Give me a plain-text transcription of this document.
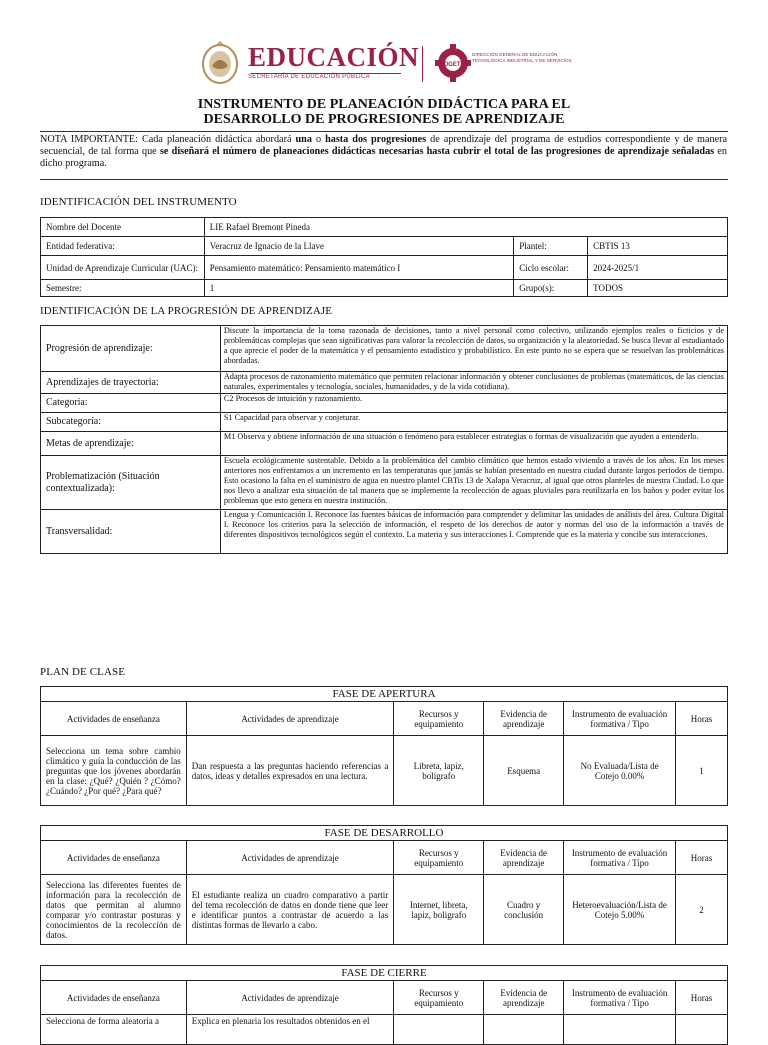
EDUCACIÓN
SECRETARÍA DE EDUCACIÓN PÚBLICA
DGETI
DIRECCIÓN GENERAL DE EDUCACIÓN TECNOLÓGICA INDUSTRIAL Y DE SERVICIOS
INSTRUMENTO DE PLANEACIÓN DIDÁCTICA PARA EL
DESARROLLO DE PROGRESIONES DE APRENDIZAJE
NOTA IMPORTANTE: Cada planeación didáctica abordará una o hasta dos progresiones de aprendizaje del programa de estudios correspondiente y de manera secuencial, de tal forma que se diseñará el número de planeaciones didácticas necesarias hasta cubrir el total de las progresiones de aprendizaje señaladas en dicho programa.
IDENTIFICACIÓN DEL INSTRUMENTO
Nombre del Docente	LIE Rafael Bremont Pineda		
Entidad federativa:	Veracruz de Ignacio de la Llave	Plantel:	CBTIS 13
Unidad de Aprendizaje Curricular (UAC):	Pensamiento matemático: Pensamiento matemático I	Ciclo escolar:	2024-2025/1
Semestre:	1	Grupo(s):	TODOS
IDENTIFICACIÓN DE LA PROGRESIÓN DE APRENDIZAJE
Progresión de aprendizaje:	Discute la importancia de la toma razonada de decisiones, tanto a nivel personal como colectivo, utilizando ejemplos reales o ficticios y de problemáticas complejas que sean significativas para valorar la recolección de datos, su organización y la aleatoriedad. Se busca llevar al estudiantado a que aprecie el poder de la matemática y el pensamiento estadístico y probabilístico. En este punto no se espera que se resuelvan las problemáticas abordadas.
Aprendizajes de trayectoria:	Adapta procesos de razonamiento matemático que permiten relacionar información y obtener conclusiones de problemas (matemáticos, de las ciencias naturales, experimentales y tecnología, sociales, humanidades, y de la vida cotidiana).
Categoría:	C2 Procesos de intuición y razonamiento.
Subcategoría:	S1 Capacidad para observar y conjeturar.
Metas de aprendizaje:	M1 Observa y obtiene información de una situación o fenómeno para establecer estrategias o formas de visualización que ayuden a entenderlo.
Problematización (Situación contextualizada):	Escuela ecológicamente sustentable. Debido a la problemática del cambio climático que hemos estado viviendo a través de los años. En los meses anteriores nos enfrentamos a un incremento en las temperaturas que jamás se habían presentado en nuestra ciudad durante largos periodos de tiempo. Esto ocasiono la falta en el suministro de agua en nuestro plantel CBTis 13 de Xalapa Veracruz, al igual que otros planteles de nuestra Ciudad. Lo que nos llevo a analizar esta situación de tal manera que se implemente la recolección de aguas pluviales para reutilizarla en los baños y poder evitar los problemas que esto genera en nuestra institución.
Transversalidad:	Lengua y Comunicación I. Reconoce las fuentes básicas de información para comprender y delimitar las unidades de análisis del área. Cultura Digital I. Reconoce los criterios para la selección de información, el respeto de los derechos de autor y normas del uso de la información a través de diferentes dispositivos tecnológicos según el contexto. La materia y sus interacciones I. Comprende que es la materia y concibe sus interacciones.
PLAN DE CLASE
FASE DE APERTURA					
Actividades de enseñanza	Actividades de aprendizaje	Recursos y equipamiento	Evidencia de aprendizaje	Instrumento de evaluación formativa / Tipo	Horas
Selecciona un tema sobre cambio climático y guía la conducción de las preguntas que los jóvenes abordarán en la clase: ¿Qué? ¿Quién ? ¿Cómo? ¿Cuándo? ¿Por qué? ¿Para qué?	Dan respuesta a las preguntas haciendo referencias a datos, ideas y detalles expresados en una lectura.	Libreta, lapiz, boligrafo	Esquema	No Evaluada/Lista de Cotejo 0.00%	1
FASE DE DESARROLLO					
Actividades de enseñanza	Actividades de aprendizaje	Recursos y equipamiento	Evidencia de aprendizaje	Instrumento de evaluación formativa / Tipo	Horas
Selecciona las diferentes fuentes de información para la recolección de datos que permitan al alumno comparar y/o contrastar posturas y conocimientos de la recolección de datos.	El estudiante realiza un cuadro comparativo a partir del tema recolección de datos en donde tiene que leer e identificar puntos a contrastar de acuerdo a las distintas formas de llevarlo a cabo.	Internet, libreta, lapiz, boligrafo	Cuadro y conclusión	Heteroevaluación/Lista de Cotejo 5.00%	2
FASE DE CIERRE					
Actividades de enseñanza	Actividades de aprendizaje	Recursos y equipamiento	Evidencia de aprendizaje	Instrumento de evaluación formativa / Tipo	Horas
Selecciona de forma aleatoria a	Explica en plenaria los resultados obtenidos en el				
